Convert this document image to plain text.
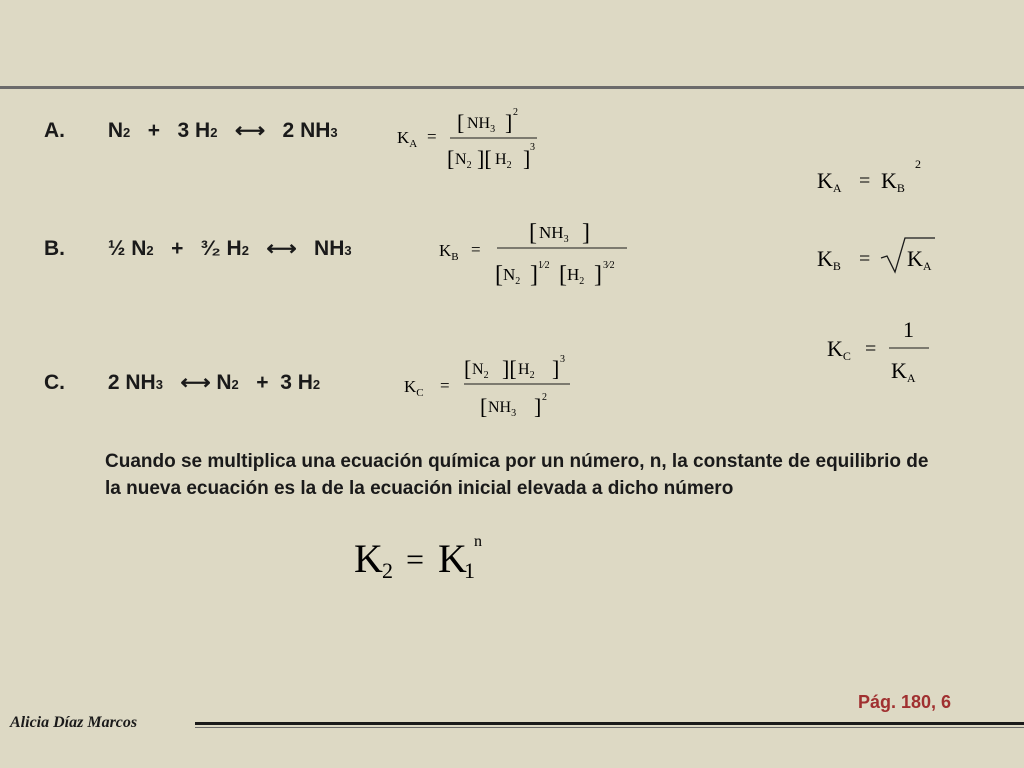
A. N2   +   3 H2   ⟷   2 NH3
B. ½ N2   +   ³⁄₂ H2   ⟷   NH3
C. 2 NH3   ⟷ N2   +  3 H2
$K_A$ =
[ $NH_3$ ] 2
[ $N_2$ ][ $H_2$ ] 3
$K_B$ =
[ $NH_3$ ]
[ $N_2$ ] 1⁄2 [ $H_2$ ] 3⁄2
$K_C$ =
[ $N_2$ ][ $H_2$ ] 3
[ $NH_3$ ] 2
KA = KB
2
KB = KA
KC =
1
KA
Cuando se multiplica una ecuación química por un número, n, la constante de equilibrio de la nueva ecuación es la de la ecuación inicial elevada a dicho número
K 2 = K
1
n
Pág. 180, 6
Alicia Díaz Marcos
